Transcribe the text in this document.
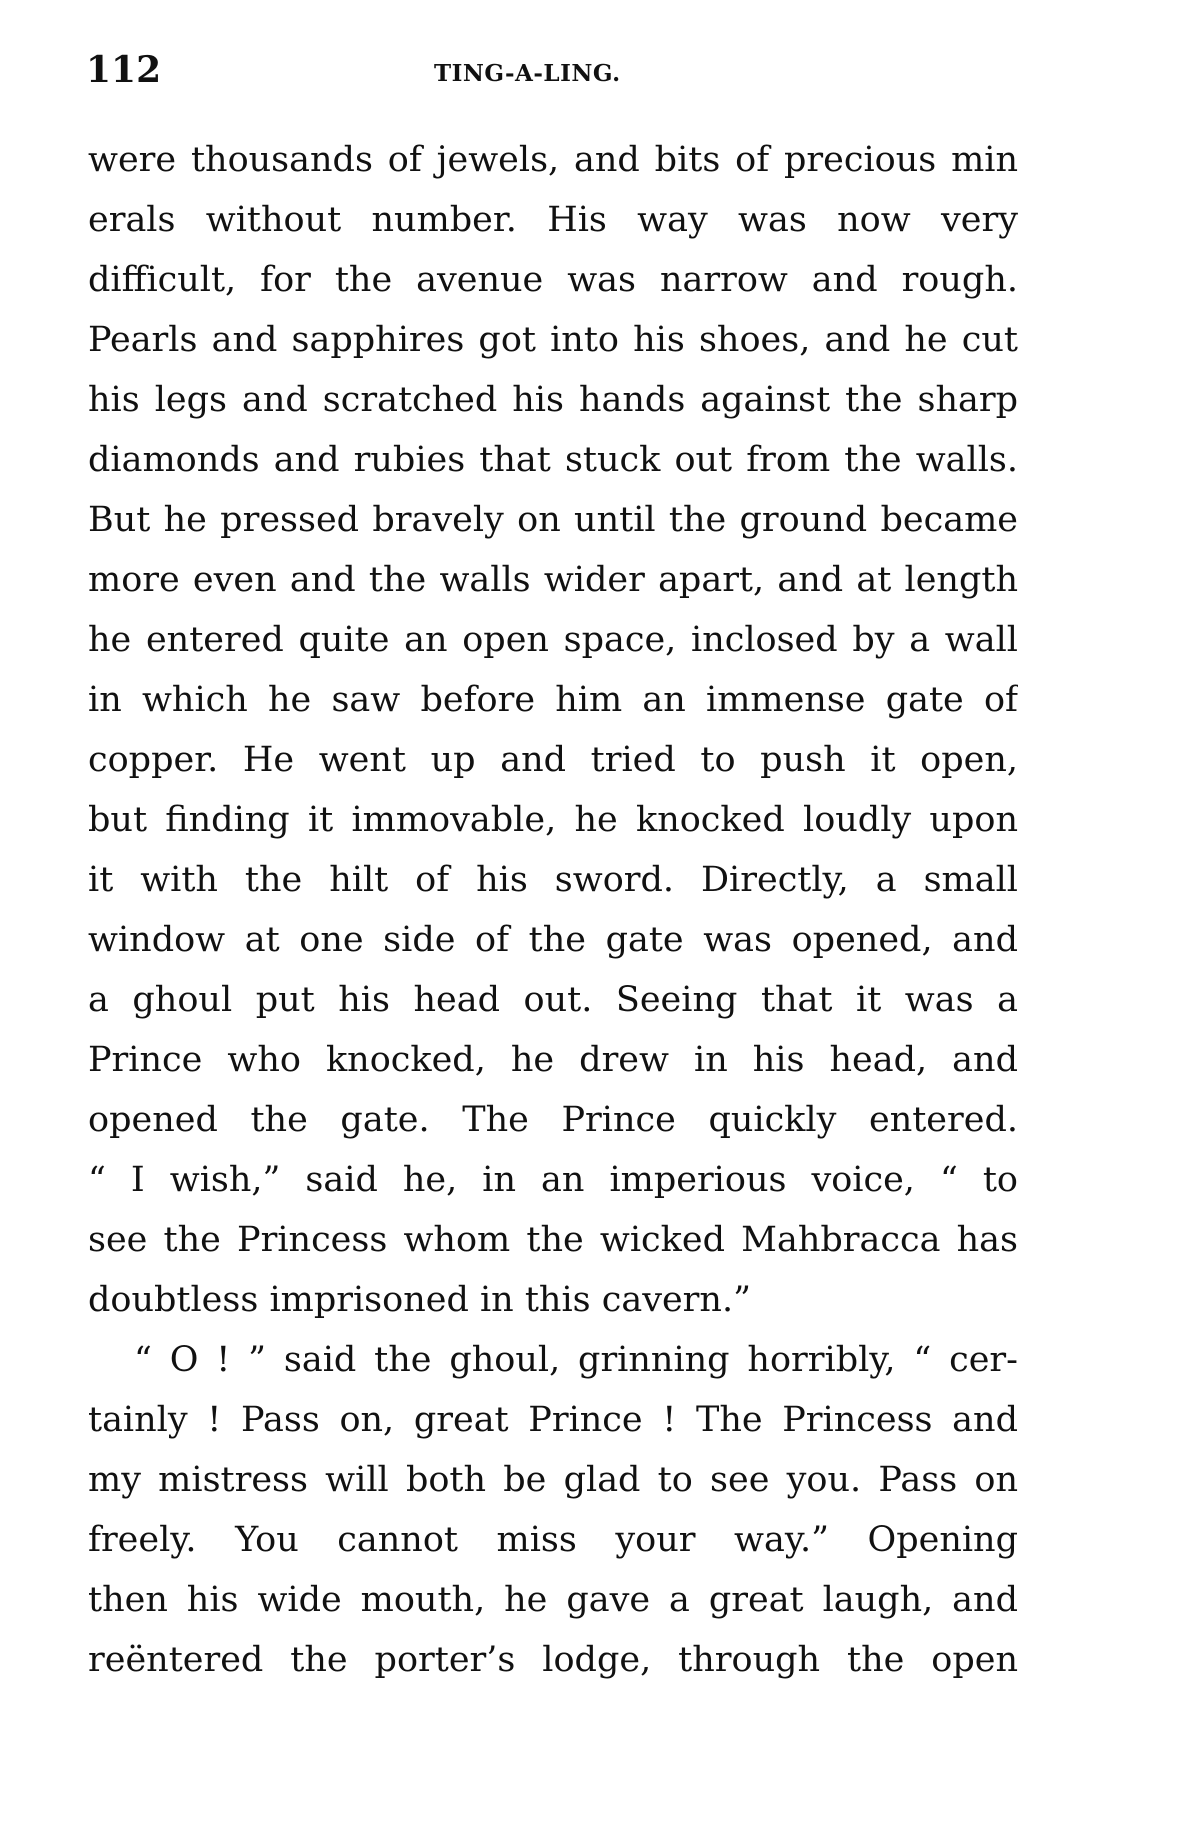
112	TING-A-LING.
were thousands of jewels, and bits of precious min
erals without number. His way was now very
difficult, for the avenue was narrow and rough.
Pearls and sapphires got into his shoes, and he cut
his legs and scratched his hands against the sharp
diamonds and rubies that stuck out from the walls.
But he pressed bravely on until the ground became
more even and the walls wider apart, and at length
he entered quite an open space, inclosed by a wall
in which he saw before him an immense gate of
copper. He went up and tried to push it open,
but finding it immovable, he knocked loudly upon
it with the hilt of his sword. Directly, a small
window at one side of the gate was opened, and
a ghoul put his head out. Seeing that it was a
Prince who knocked, he drew in his head, and
opened the gate. The Prince quickly entered.
“ I wish,” said he, in an imperious voice, “ to
see the Princess whom the wicked Mahbracca has
doubtless imprisoned in this cavern.”
“ O ! ” said the ghoul, grinning horribly, “ cer-
tainly ! Pass on, great Prince ! The Princess and
my mistress will both be glad to see you. Pass on
freely. You cannot miss your way.” Opening
then his wide mouth, he gave a great laugh, and
reëntered the porter’s lodge, through the open
